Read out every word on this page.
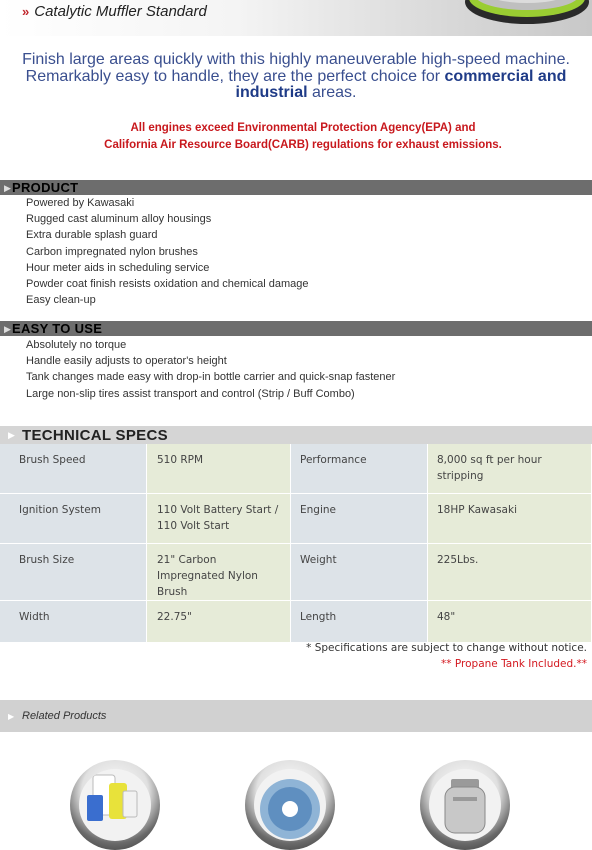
» Catalytic Muffler Standard
Finish large areas quickly with this highly maneuverable high-speed machine.
Remarkably easy to handle, they are the perfect choice for commercial and
industrial areas.
All engines exceed Environmental Protection Agency(EPA) and
California Air Resource Board(CARB) regulations for exhaust emissions.
▶ PRODUCT
Powered by Kawasaki
Rugged cast aluminum alloy housings
Extra durable splash guard
Carbon impregnated nylon brushes
Hour meter aids in scheduling service
Powder coat finish resists oxidation and chemical damage
Easy clean-up
▶ EASY TO USE
Absolutely no torque
Handle easily adjusts to operator's height
Tank changes made easy with drop-in bottle carrier and quick-snap fastener
Large non-slip tires assist transport and control (Strip / Buff Combo)
▶ TECHNICAL SPECS
Brush Speed	510 RPM	Performance	8,000 sq ft per hour stripping
Ignition System	110 Volt Battery Start / 110 Volt Start	Engine	18HP Kawasaki
Brush Size	21" Carbon Impregnated Nylon Brush	Weight	225Lbs.
Width	22.75"	Length	48"
* Specifications are subject to change without notice.
** Propane Tank Included.**
▶ Related Products
